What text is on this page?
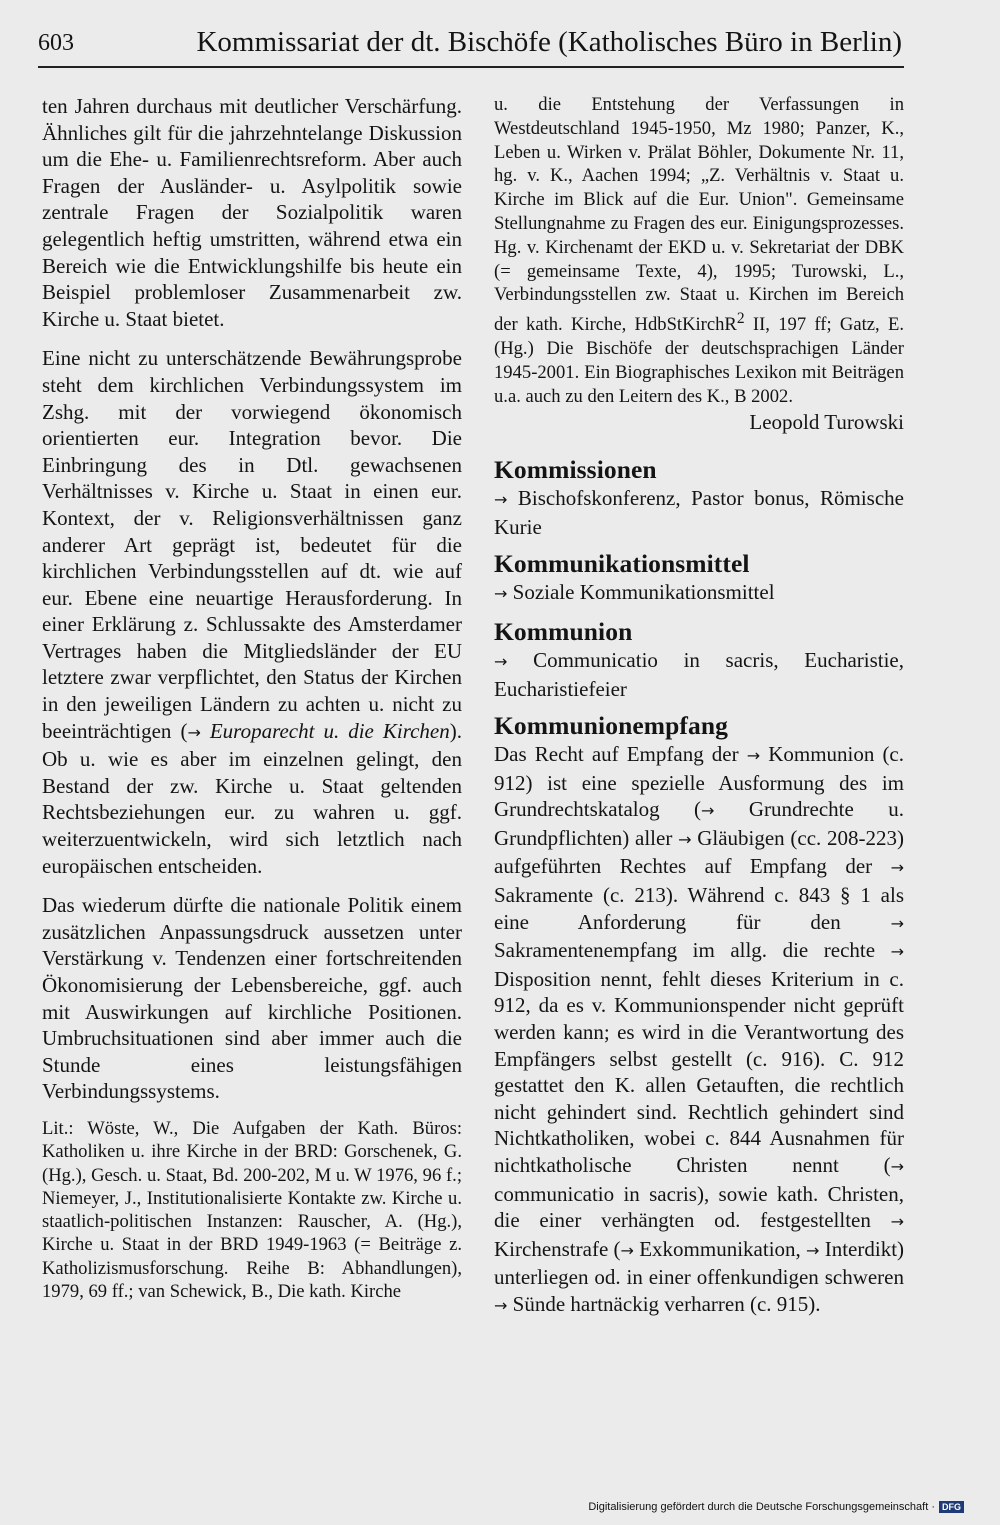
603	Kommissariat der dt. Bischöfe (Katholisches Büro in Berlin)

ten Jahren durchaus mit deutlicher Verschärfung. Ähnliches gilt für die jahrzehntelange Diskussion um die Ehe- u. Familienrechtsreform. Aber auch Fragen der Ausländer- u. Asylpolitik sowie zentrale Fragen der Sozialpolitik waren gelegentlich heftig umstritten, während etwa ein Bereich wie die Entwicklungshilfe bis heute ein Beispiel problemloser Zusammenarbeit zw. Kirche u. Staat bietet.

Eine nicht zu unterschätzende Bewährungsprobe steht dem kirchlichen Verbindungssystem im Zshg. mit der vorwiegend ökonomisch orientierten eur. Integration bevor. Die Einbringung des in Dtl. gewachsenen Verhältnisses v. Kirche u. Staat in einen eur. Kontext, der v. Religionsverhältnissen ganz anderer Art geprägt ist, bedeutet für die kirchlichen Verbindungsstellen auf dt. wie auf eur. Ebene eine neuartige Herausforderung. In einer Erklärung z. Schlussakte des Amsterdamer Vertrages haben die Mitgliedsländer der EU letztere zwar verpflichtet, den Status der Kirchen in den jeweiligen Ländern zu achten u. nicht zu beeinträchtigen (→ Europarecht u. die Kirchen). Ob u. wie es aber im einzelnen gelingt, den Bestand der zw. Kirche u. Staat geltenden Rechtsbeziehungen eur. zu wahren u. ggf. weiterzuentwickeln, wird sich letztlich nach europäischen entscheiden.

Das wiederum dürfte die nationale Politik einem zusätzlichen Anpassungsdruck aussetzen unter Verstärkung v. Tendenzen einer fortschreitenden Ökonomisierung der Lebensbereiche, ggf. auch mit Auswirkungen auf kirchliche Positionen. Umbruchsituationen sind aber immer auch die Stunde eines leistungsfähigen Verbindungssystems.

Lit.: Wöste, W., Die Aufgaben der Kath. Büros: Katholiken u. ihre Kirche in der BRD: Gorschenek, G. (Hg.), Gesch. u. Staat, Bd. 200-202, M u. W 1976, 96 f.; Niemeyer, J., Institutionalisierte Kontakte zw. Kirche u. staatlich-politischen Instanzen: Rauscher, A. (Hg.), Kirche u. Staat in der BRD 1949-1963 (= Beiträge z. Katholizismusforschung. Reihe B: Abhandlungen), 1979, 69 ff.; van Schewick, B., Die kath. Kirche

u. die Entstehung der Verfassungen in Westdeutschland 1945-1950, Mz 1980; Panzer, K., Leben u. Wirken v. Prälat Böhler, Dokumente Nr. 11, hg. v. K., Aachen 1994; „Z. Verhältnis v. Staat u. Kirche im Blick auf die Eur. Union". Gemeinsame Stellungnahme zu Fragen des eur. Einigungsprozesses. Hg. v. Kirchenamt der EKD u. v. Sekretariat der DBK (= gemeinsame Texte, 4), 1995; Turowski, L., Verbindungsstellen zw. Staat u. Kirchen im Bereich der kath. Kirche, HdbStKirchR$^2$ II, 197 ff; Gatz, E. (Hg.) Die Bischöfe der deutschsprachigen Länder 1945-2001. Ein Biographisches Lexikon mit Beiträgen u.a. auch zu den Leitern des K., B 2002.

Leopold Turowski

Kommissionen

→ Bischofskonferenz, Pastor bonus, Römische Kurie

Kommunikationsmittel

→ Soziale Kommunikationsmittel

Kommunion

→ Communicatio in sacris, Eucharistie, Eucharistiefeier

Kommunionempfang

Das Recht auf Empfang der → Kommunion (c. 912) ist eine spezielle Ausformung des im Grundrechtskatalog (→ Grundrechte u. Grundpflichten) aller → Gläubigen (cc. 208-223) aufgeführten Rechtes auf Empfang der → Sakramente (c. 213). Während c. 843 § 1 als eine Anforderung für den → Sakramentenempfang im allg. die rechte → Disposition nennt, fehlt dieses Kriterium in c. 912, da es v. Kommunionspender nicht geprüft werden kann; es wird in die Verantwortung des Empfängers selbst gestellt (c. 916). C. 912 gestattet den K. allen Getauften, die rechtlich nicht gehindert sind. Rechtlich gehindert sind Nichtkatholiken, wobei c. 844 Ausnahmen für nichtkatholische Christen nennt (→ communicatio in sacris), sowie kath. Christen, die einer verhängten od. festgestellten → Kirchenstrafe (→ Exkommunikation, → Interdikt) unterliegen od. in einer offenkundigen schweren → Sünde hartnäckig verharren (c. 915).

Digitalisierung gefördert durch die Deutsche Forschungsgemeinschaft · DFG
